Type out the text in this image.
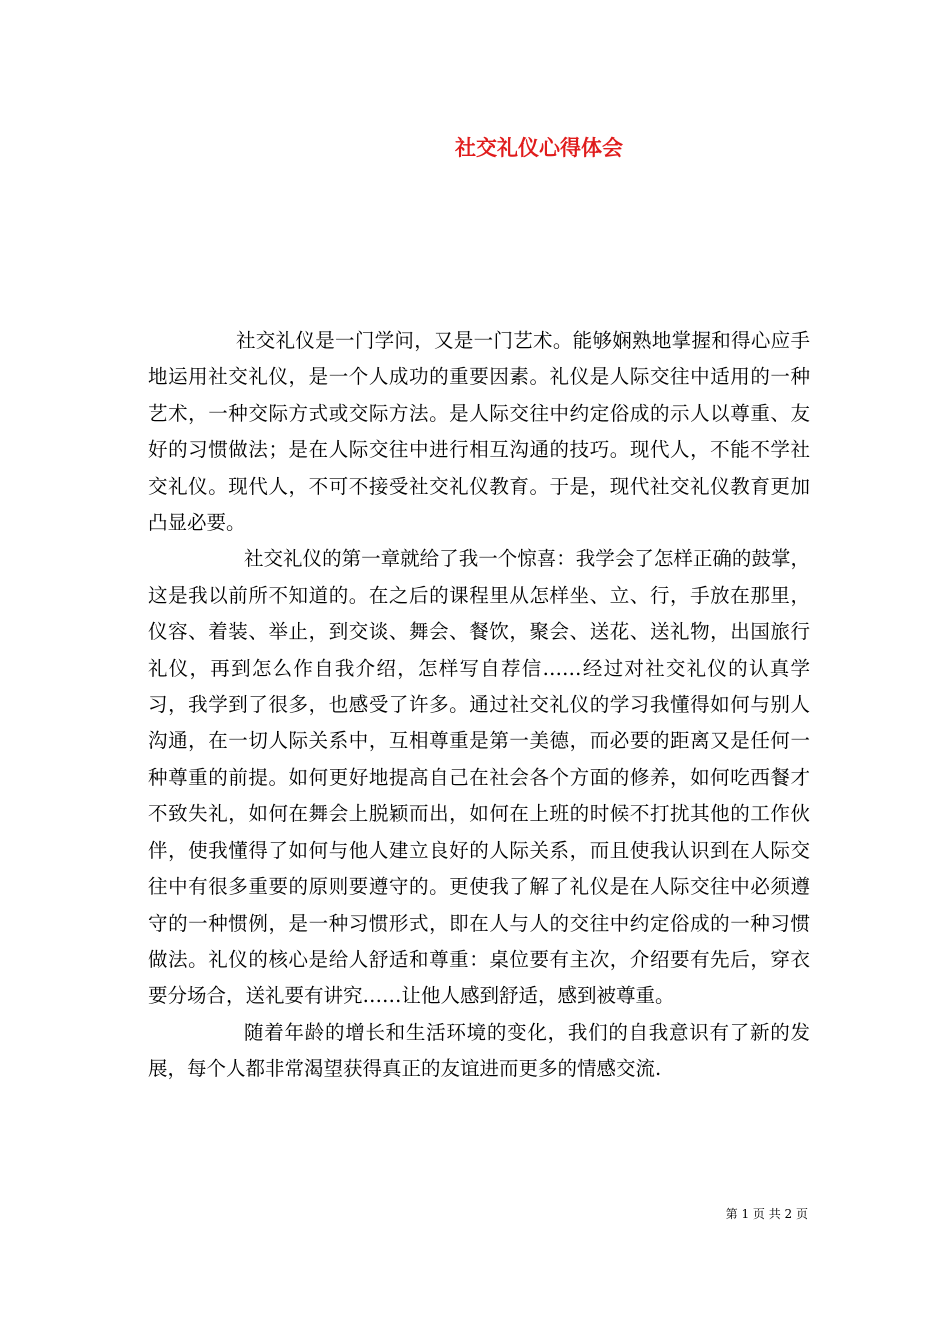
社交礼仪心得体会

社交礼仪是一门学问，又是一门艺术。能够娴熟地掌握和得心应手地运用社交礼仪，是一个人成功的重要因素。礼仪是人际交往中适用的一种艺术，一种交际方式或交际方法。是人际交往中约定俗成的示人以尊重、友好的习惯做法；是在人际交往中进行相互沟通的技巧。现代人，不能不学社交礼仪。现代人，不可不接受社交礼仪教育。于是，现代社交礼仪教育更加凸显必要。

社交礼仪的第一章就给了我一个惊喜：我学会了怎样正确的鼓掌，这是我以前所不知道的。在之后的课程里从怎样坐、立、行，手放在那里，仪容、着装、举止，到交谈、舞会、餐饮，聚会、送花、送礼物，出国旅行礼仪，再到怎么作自我介绍，怎样写自荐信……经过对社交礼仪的认真学习，我学到了很多，也感受了许多。通过社交礼仪的学习我懂得如何与别人沟通，在一切人际关系中，互相尊重是第一美德，而必要的距离又是任何一种尊重的前提。如何更好地提高自己在社会各个方面的修养，如何吃西餐才不致失礼，如何在舞会上脱颖而出，如何在上班的时候不打扰其他的工作伙伴，使我懂得了如何与他人建立良好的人际关系，而且使我认识到在人际交往中有很多重要的原则要遵守的。更使我了解了礼仪是在人际交往中必须遵守的一种惯例，是一种习惯形式，即在人与人的交往中约定俗成的一种习惯做法。礼仪的核心是给人舒适和尊重：桌位要有主次，介绍要有先后，穿衣要分场合，送礼要有讲究……让他人感到舒适，感到被尊重。

随着年龄的增长和生活环境的变化，我们的自我意识有了新的发展，每个人都非常渴望获得真正的友谊进而更多的情感交流.

第 1 页 共 2 页
